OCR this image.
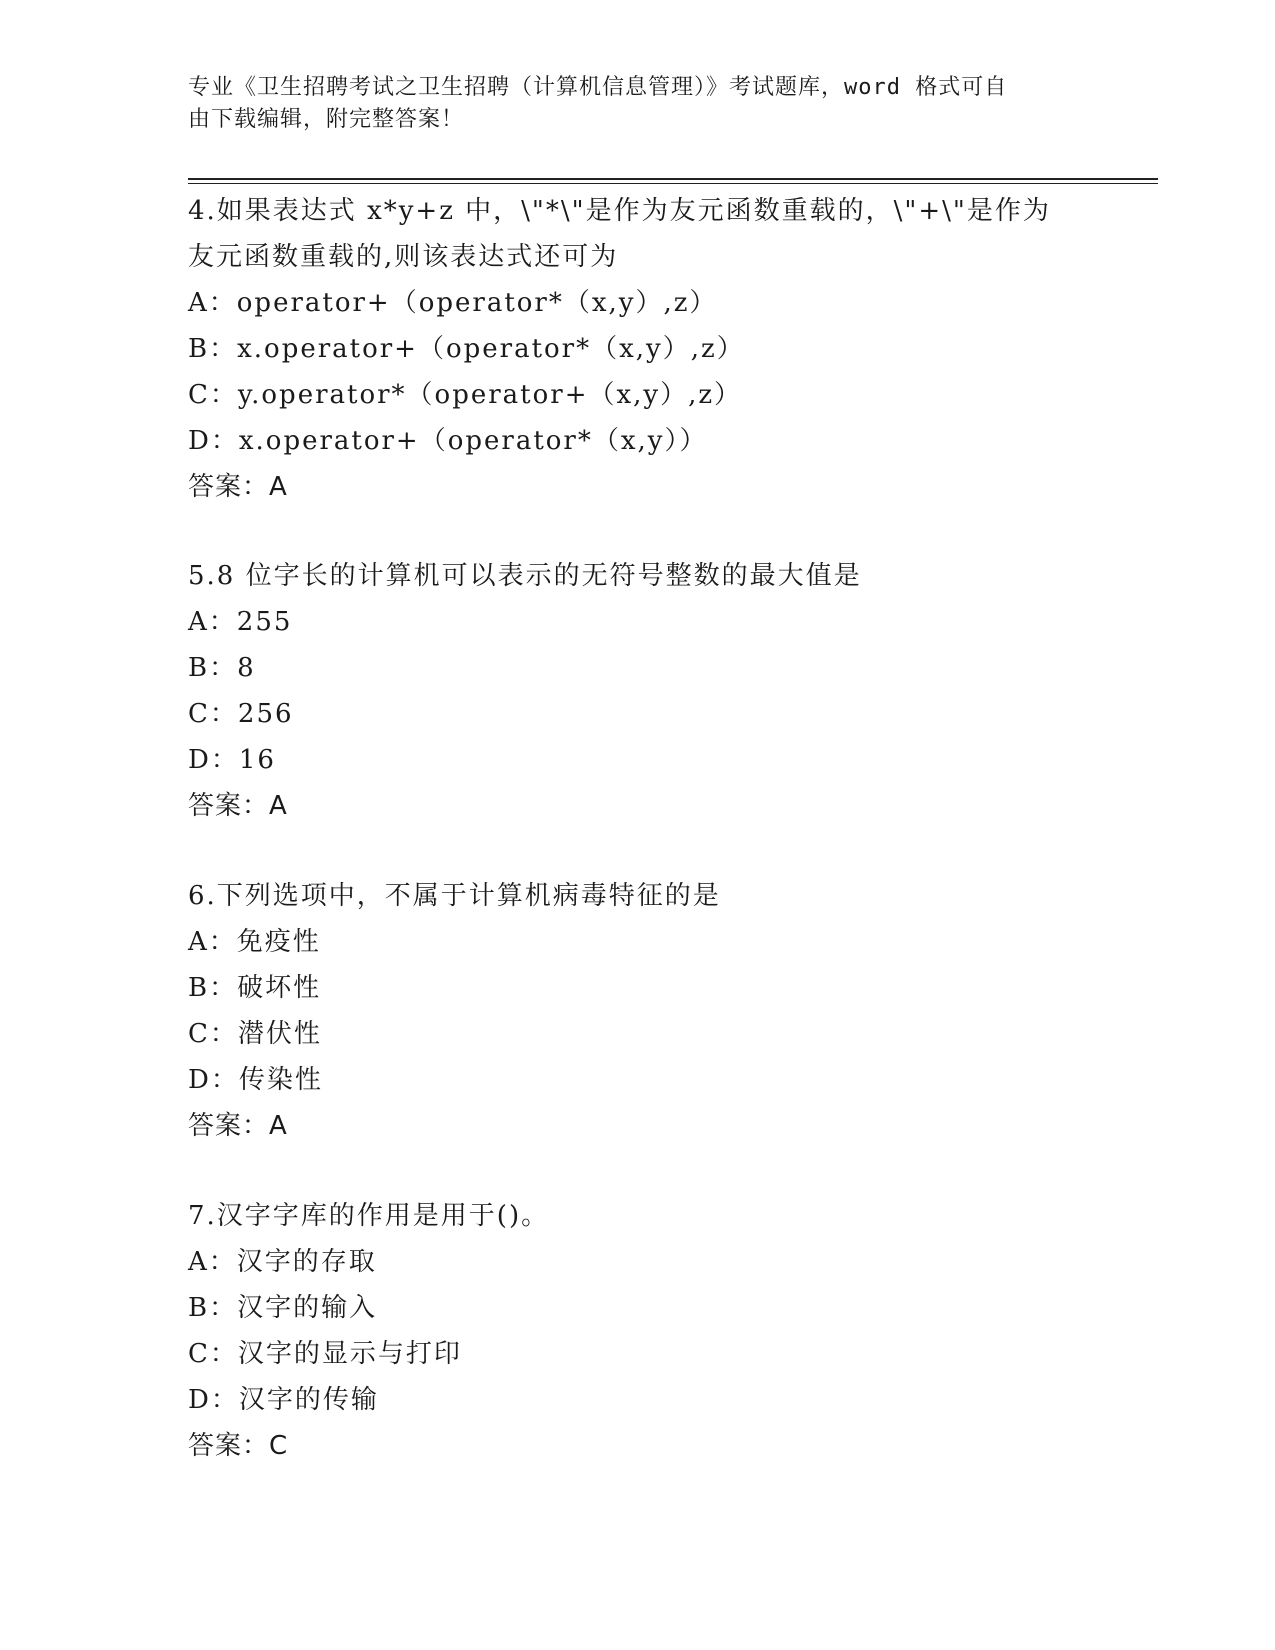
专业《卫生招聘考试之卫生招聘（计算机信息管理）》考试题库，word 格式可自
由下载编辑，附完整答案！

4.如果表达式 x*y+z 中，\"*\"是作为友元函数重载的，\"+\"是作为

友元函数重载的,则该表达式还可为

A：operator+（operator*（x,y）,z）

B：x.operator+（operator*（x,y）,z）

C：y.operator*（operator+（x,y）,z）

D：x.operator+（operator*（x,y））

答案：A

5.8 位字长的计算机可以表示的无符号整数的最大值是

A：255

B：8

C：256

D：16

答案：A

6.下列选项中，不属于计算机病毒特征的是

A：免疫性

B：破坏性

C：潜伏性

D：传染性

答案：A

7.汉字字库的作用是用于()。

A：汉字的存取

B：汉字的输入

C：汉字的显示与打印

D：汉字的传输

答案：C
